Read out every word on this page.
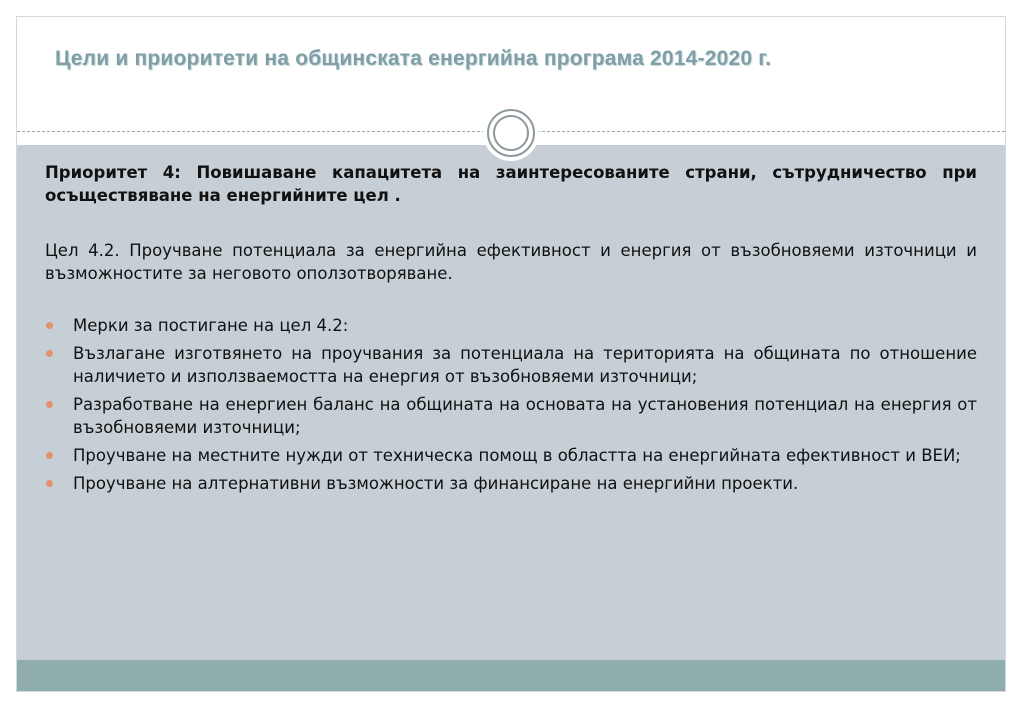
Цели и приоритети на общинската енергийна програма 2014-2020 г.

Приоритет 4: Повишаване капацитета на заинтересованите страни, сътрудничество при осъществяване на енергийните цел .

Цел 4.2. Проучване потенциала за енергийна ефективност и енергия от възобновяеми източници и възможностите за неговото оползотворяване.

Мерки за постигане на цел 4.2:
Възлагане изготвянето на проучвания за потенциала на територията на общината по отношение наличието и използваемостта на енергия от възобновяеми източници;
Разработване на енергиен баланс на общината на основата на установения потенциал на енергия от възобновяеми източници;
Проучване на местните нужди от техническа помощ в областта на енергийната ефективност и ВЕИ;
Проучване на алтернативни възможности за финансиране на енергийни проекти.
